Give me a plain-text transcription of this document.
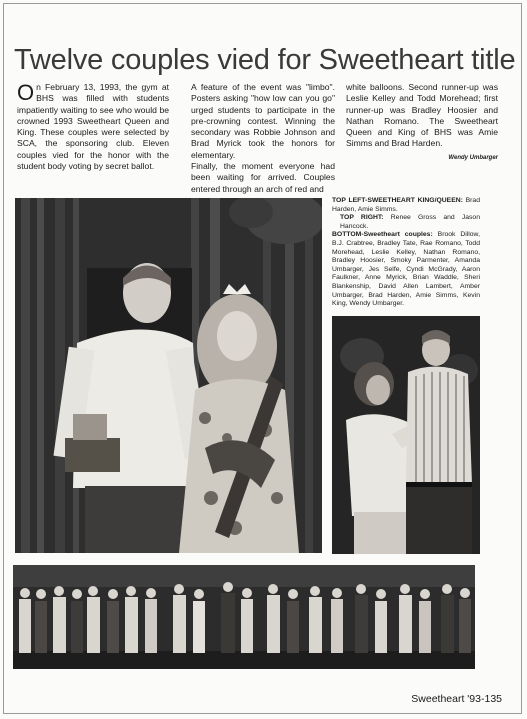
Twelve couples vied for Sweetheart title

On February 13, 1993, the gym at BHS was filled with students impatiently waiting to see who would be crowned 1993 Sweetheart Queen and King. These couples were selected by SCA, the sponsoring club. Eleven couples vied for the honor with the student body voting by secret ballot.

A feature of the event was "limbo". Posters asking "how low can you go" urged students to participate in the pre-crowning contest. Winning the secondary was Robbie Johnson and Brad Myrick took the honors for elementary.

Finally, the moment everyone had been waiting for arrived. Couples entered through an arch of red and

white balloons. Second runner-up was Leslie Kelley and Todd Morehead; first runner-up was Bradley Hoosier and Nathan Romano. The Sweetheart Queen and King of BHS was Amie Simms and Brad Harden.

Wendy Umbarger

TOP LEFT-SWEETHEART KING/QUEEN: Brad Harden, Amie Simms.

TOP RIGHT: Renee Gross and Jason Hancock.

BOTTOM-Sweetheart couples: Brook Dillow, B.J. Crabtree, Bradley Tate, Rae Romano, Todd Morehead, Leslie Kelley, Nathan Romano, Bradley Hoosier, Smoky Parmenter, Amanda Umbarger, Jes Selfe, Cyndi McGrady, Aaron Faulkner, Anne Myrick, Brian Waddle, Sheri Blankenship, David Allen Lambert, Amber Umbarger, Brad Harden, Amie Simms, Kevin King, Wendy Umbarger.

Sweetheart '93-135
